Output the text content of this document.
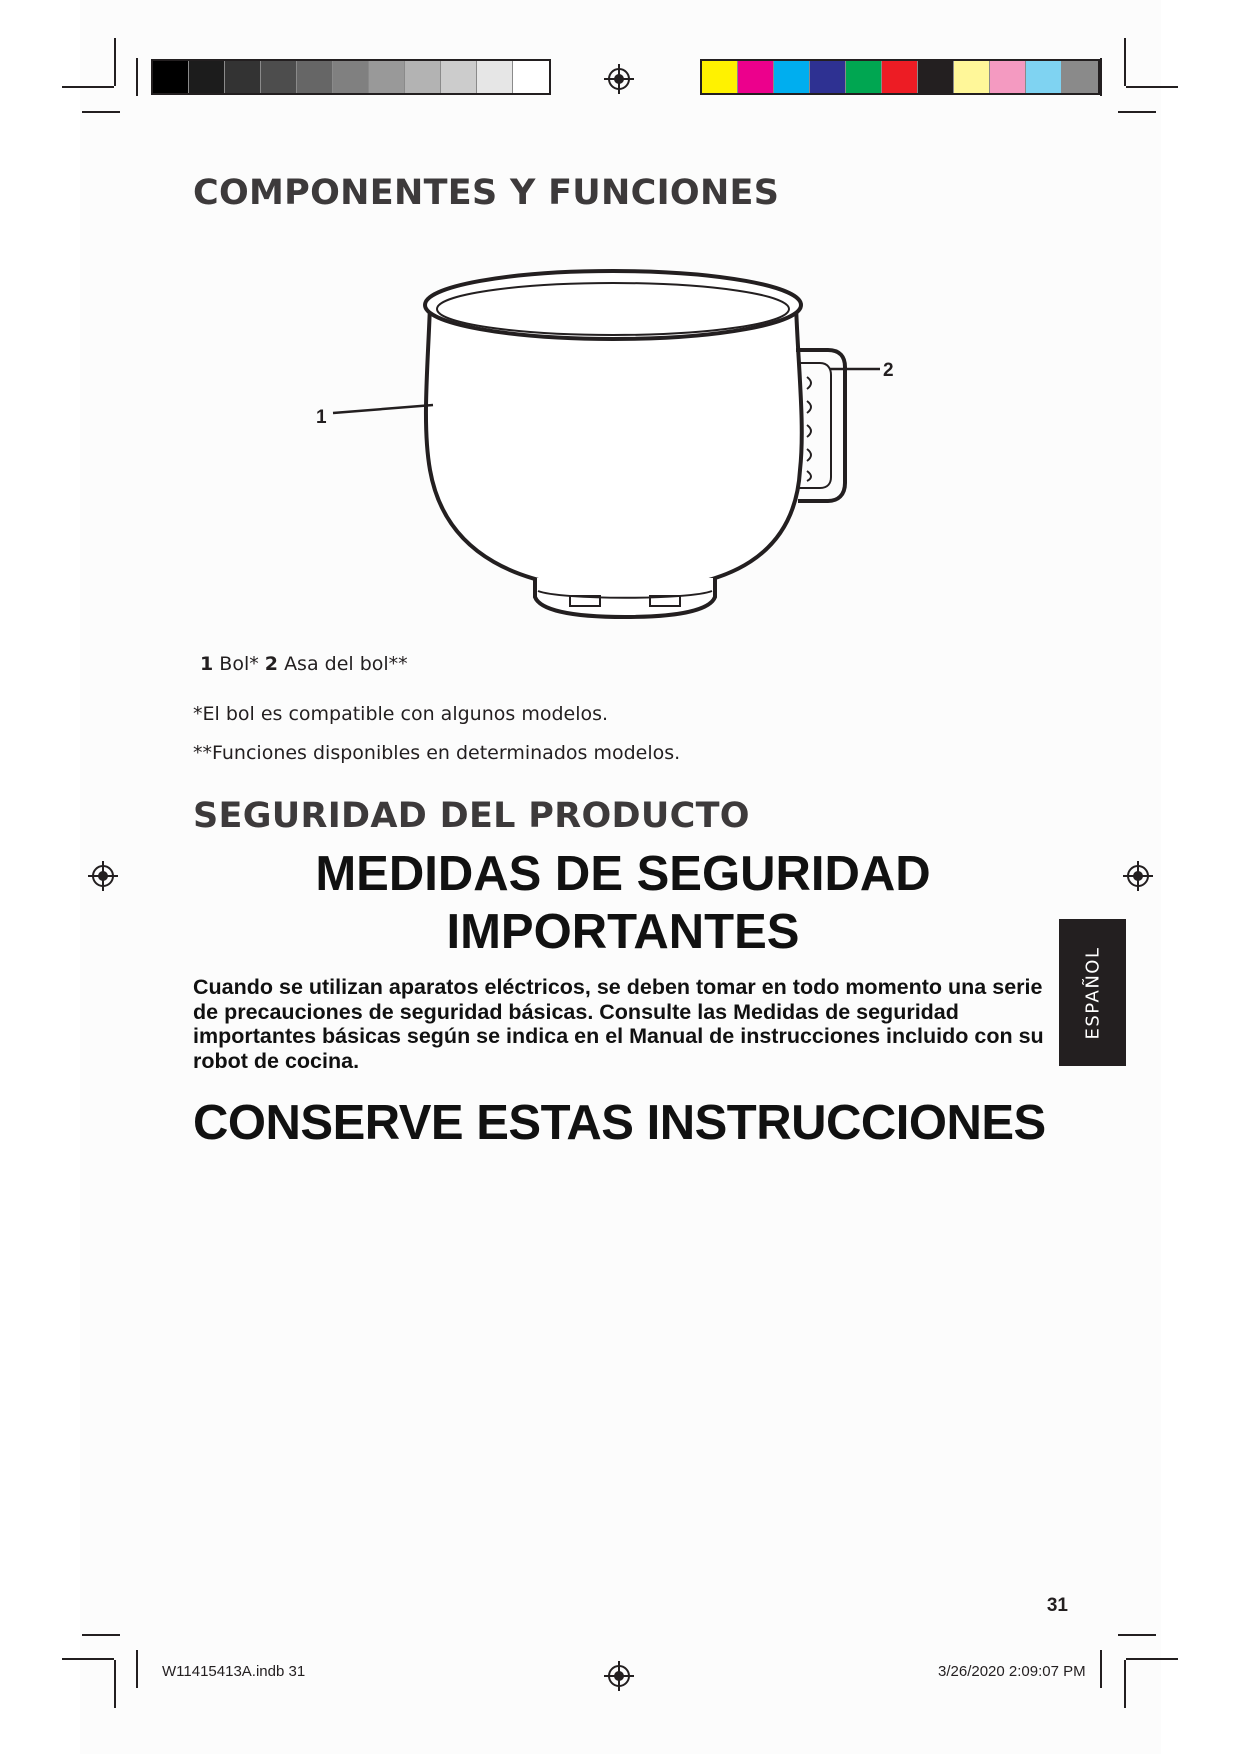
COMPONENTES Y FUNCIONES
1
2
1 Bol* 2 Asa del bol**
*El bol es compatible con algunos modelos.
**Funciones disponibles en determinados modelos.
SEGURIDAD DEL PRODUCTO
MEDIDAS DE SEGURIDAD
IMPORTANTES

Cuando se utilizan aparatos eléctricos, se deben tomar en todo momento una serie de precauciones de seguridad básicas. Consulte las Medidas de seguridad importantes básicas según se indica en el Manual de instrucciones incluido con su robot de cocina.

CONSERVE ESTAS INSTRUCCIONES
ESPAÑOL
31
W11415413A.indb 31	3/26/2020 2:09:07 PM
